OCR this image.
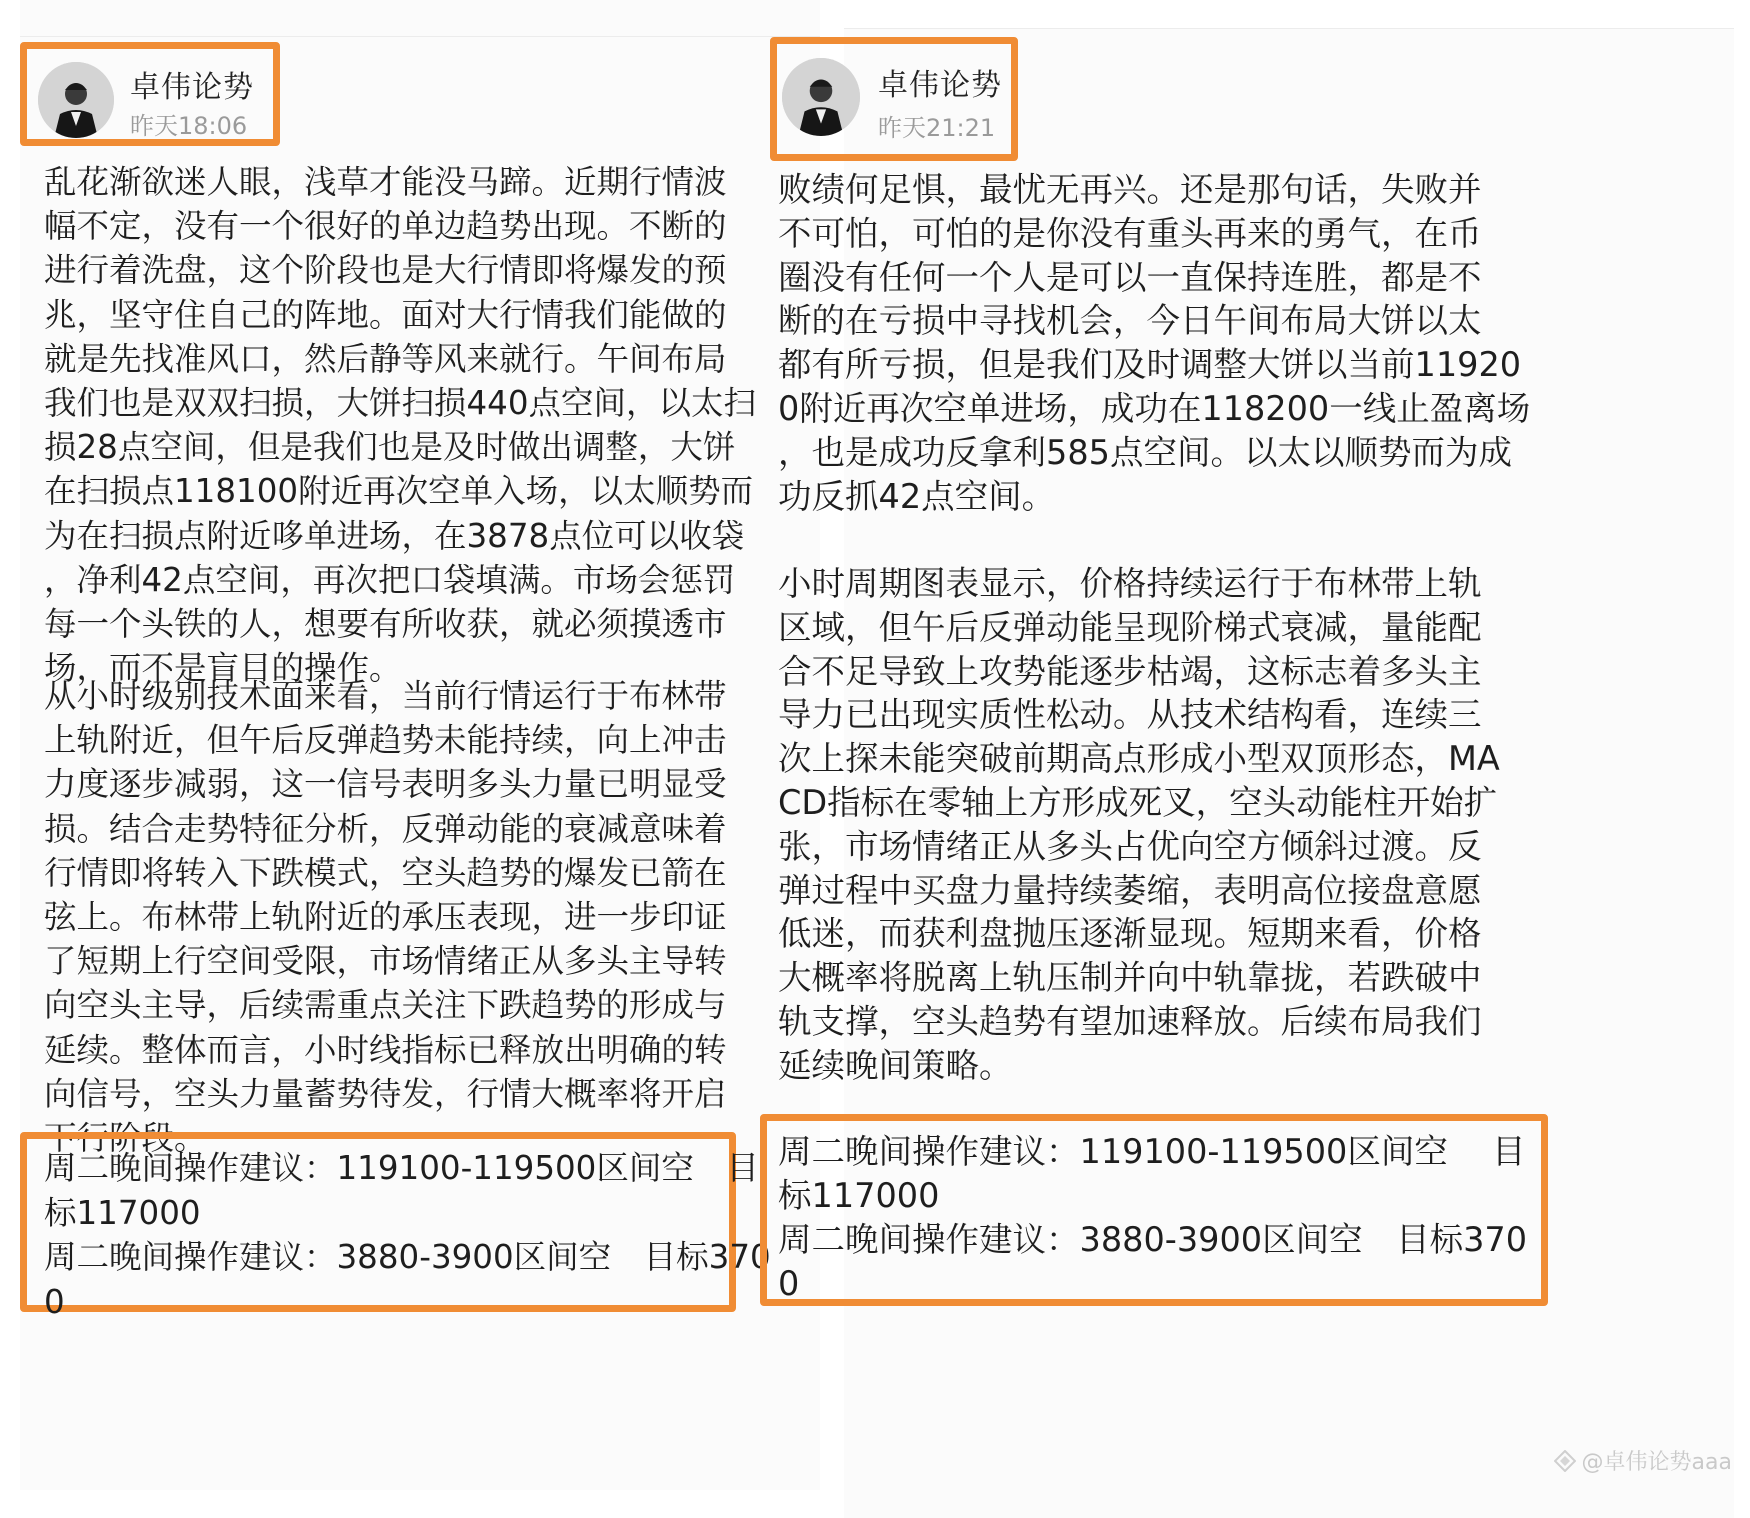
卓伟论势
昨天18:06

乱花渐欲迷人眼，浅草才能没马蹄。近期行情波
幅不定，没有一个很好的单边趋势出现。不断的
进行着洗盘，这个阶段也是大行情即将爆发的预
兆，坚守住自己的阵地。面对大行情我们能做的
就是先找准风口，然后静等风来就行。午间布局
我们也是双双扫损，大饼扫损440点空间，以太扫
损28点空间，但是我们也是及时做出调整，大饼
在扫损点118100附近再次空单入场，以太顺势而
为在扫损点附近哆单进场，在3878点位可以收袋
，净利42点空间，再次把口袋填满。市场会惩罚
每一个头铁的人，想要有所收获，就必须摸透市
场，而不是盲目的操作。

从小时级别技术面来看，当前行情运行于布林带
上轨附近，但午后反弹趋势未能持续，向上冲击
力度逐步减弱，这一信号表明多头力量已明显受
损。结合走势特征分析，反弹动能的衰减意味着
行情即将转入下跌模式，空头趋势的爆发已箭在
弦上。布林带上轨附近的承压表现，进一步印证
了短期上行空间受限，市场情绪正从多头主导转
向空头主导，后续需重点关注下跌趋势的形成与
延续。整体而言，小时线指标已释放出明确的转
向信号，空头力量蓄势待发，行情大概率将开启
下行阶段。

周二晚间操作建议：119100-119500区间空　目
标117000
周二晚间操作建议：3880-3900区间空　目标370
0

卓伟论势
昨天21:21

败绩何足惧，最忧无再兴。还是那句话，失败并
不可怕，可怕的是你没有重头再来的勇气，在币
圈没有任何一个人是可以一直保持连胜，都是不
断的在亏损中寻找机会，今日午间布局大饼以太
都有所亏损，但是我们及时调整大饼以当前11920
0附近再次空单进场，成功在118200一线止盈离场
，也是成功反拿利585点空间。以太以顺势而为成
功反抓42点空间。

小时周期图表显示，价格持续运行于布林带上轨
区域，但午后反弹动能呈现阶梯式衰减，量能配
合不足导致上攻势能逐步枯竭，这标志着多头主
导力已出现实质性松动。从技术结构看，连续三
次上探未能突破前期高点形成小型双顶形态，MA
CD指标在零轴上方形成死叉，空头动能柱开始扩
张，市场情绪正从多头占优向空方倾斜过渡。反
弹过程中买盘力量持续萎缩，表明高位接盘意愿
低迷，而获利盘抛压逐渐显现。短期来看，价格
大概率将脱离上轨压制并向中轨靠拢，若跌破中
轨支撑，空头趋势有望加速释放。后续布局我们
延续晚间策略。

周二晚间操作建议：119100-119500区间空　 目
标117000
周二晚间操作建议：3880-3900区间空　目标370
0

@卓伟论势aaa
